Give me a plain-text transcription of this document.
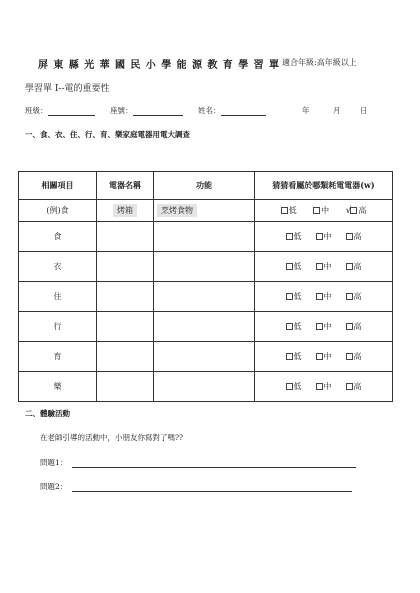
屏東縣光華國民小學能源教育學習單
適合年級:高年級以上
學習單 I--電的重要性
班級：	座號：	姓名：	年	月	日
一、食、衣、住、行、育、樂家庭電器用電大調查
相關項目	電器名稱	功能	猜猜看屬於哪類耗電電器(w)
(例)食	烤箱	烹烤食物	低 中 √ 高
食			低 中 高
衣			低 中 高
住			低 中 高
行			低 中 高
育			低 中 高
樂			低 中 高
二、體驗活動
在老師引導的活動中，小朋友你寫對了嗎??
問題1：
問題2：
